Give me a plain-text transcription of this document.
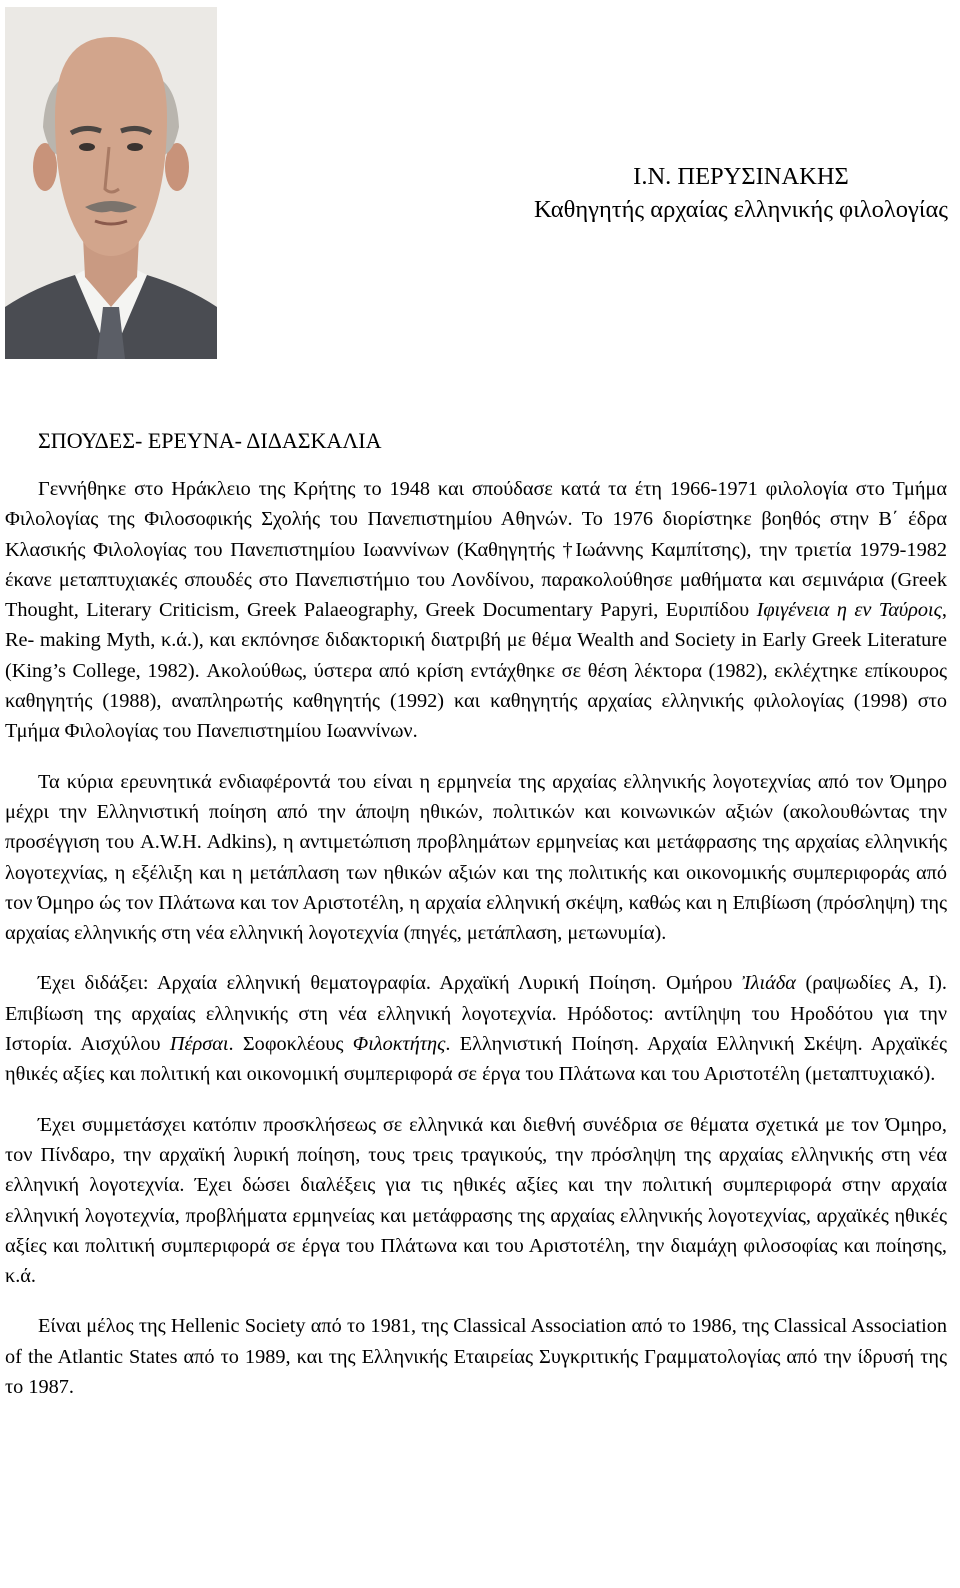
Ι.Ν. ΠΕΡΥΣΙΝΑΚΗΣ
Καθηγητής αρχαίας ελληνικής φιλολογίας
ΣΠΟΥΔΕΣ- ΕΡΕΥΝΑ- ΔΙΔΑΣΚΑΛΙΑ

Γεννήθηκε στο Ηράκλειο της Κρήτης το 1948 και σπούδασε κατά τα έτη 1966-1971 φιλολογία στο Τμήμα Φιλολογίας της Φιλοσοφικής Σχολής του Πανεπιστημίου Αθηνών. Το 1976 διορίστηκε βοηθός στην Β΄ έδρα Κλασικής Φιλολογίας του Πανεπιστημίου Ιωαννίνων (Καθηγητής †Ιωάννης Καμπίτσης), την τριετία 1979-1982 έκανε μεταπτυχιακές σπουδές στο Πανεπιστήμιο του Λονδίνου, παρακολούθησε μαθήματα και σεμινάρια (Greek Thought, Literary Criticism, Greek Palaeography, Greek Documentary Papyri, Ευριπίδου Ιφιγένεια η εν Ταύροις, Re- making Myth, κ.ά.), και εκπόνησε διδακτορική διατριβή με θέμα Wealth and Society in Early Greek Literature (King’s College, 1982). Ακολούθως, ύστερα από κρίση εντάχθηκε σε θέση λέκτορα (1982), εκλέχτηκε επίκουρος καθηγητής (1988), αναπληρωτής καθηγητής (1992) και καθηγητής αρχαίας ελληνικής φιλολογίας (1998) στο Τμήμα Φιλολογίας του Πανεπιστημίου Ιωαννίνων.

Τα κύρια ερευνητικά ενδιαφέροντά του είναι η ερμηνεία της αρχαίας ελληνικής λογοτεχνίας από τον Όμηρο μέχρι την Ελληνιστική ποίηση από την άποψη ηθικών, πολιτικών και κοινωνικών αξιών (ακολουθώντας την προσέγγιση του A.W.H. Adkins), η αντιμετώπιση προβλημάτων ερμηνείας και μετάφρασης της αρχαίας ελληνικής λογοτεχνίας, η εξέλιξη και η μετάπλαση των ηθικών αξιών και της πολιτικής και οικονομικής συμπεριφοράς από τον Όμηρο ώς τον Πλάτωνα και τον Αριστοτέλη, η αρχαία ελληνική σκέψη, καθώς και η Επιβίωση (πρόσληψη) της αρχαίας ελληνικής στη νέα ελληνική λογοτεχνία (πηγές, μετάπλαση, μετωνυμία).

Έχει διδάξει: Αρχαία ελληνική θεματογραφία. Αρχαϊκή Λυρική Ποίηση. Ομήρου Ἰλιάδα (ραψωδίες Α, Ι). Επιβίωση της αρχαίας ελληνικής στη νέα ελληνική λογοτεχνία. Ηρόδοτος: αντίληψη του Ηροδότου για την Ιστορία. Αισχύλου Πέρσαι. Σοφοκλέους Φιλοκτήτης. Ελληνιστική Ποίηση. Αρχαία Ελληνική Σκέψη. Αρχαϊκές ηθικές αξίες και πολιτική και οικονομική συμπεριφορά σε έργα του Πλάτωνα και του Αριστοτέλη (μεταπτυχιακό).

Έχει συμμετάσχει κατόπιν προσκλήσεως σε ελληνικά και διεθνή συνέδρια σε θέματα σχετικά με τον Όμηρο, τον Πίνδαρο, την αρχαϊκή λυρική ποίηση, τους τρεις τραγικούς, την πρόσληψη της αρχαίας ελληνικής στη νέα ελληνική λογοτεχνία. Έχει δώσει διαλέξεις για τις ηθικές αξίες και την πολιτική συμπεριφορά στην αρχαία ελληνική λογοτεχνία, προβλήματα ερμηνείας και μετάφρασης της αρχαίας ελληνικής λογοτεχνίας, αρχαϊκές ηθικές αξίες και πολιτική συμπεριφορά σε έργα του Πλάτωνα και του Αριστοτέλη, την διαμάχη φιλοσοφίας και ποίησης, κ.ά.

Είναι μέλος της Hellenic Society από το 1981, της Classical Association από το 1986, της Classical Association of the Atlantic States από το 1989, και της Ελληνικής Εταιρείας Συγκριτικής Γραμματολογίας από την ίδρυσή της το 1987.
